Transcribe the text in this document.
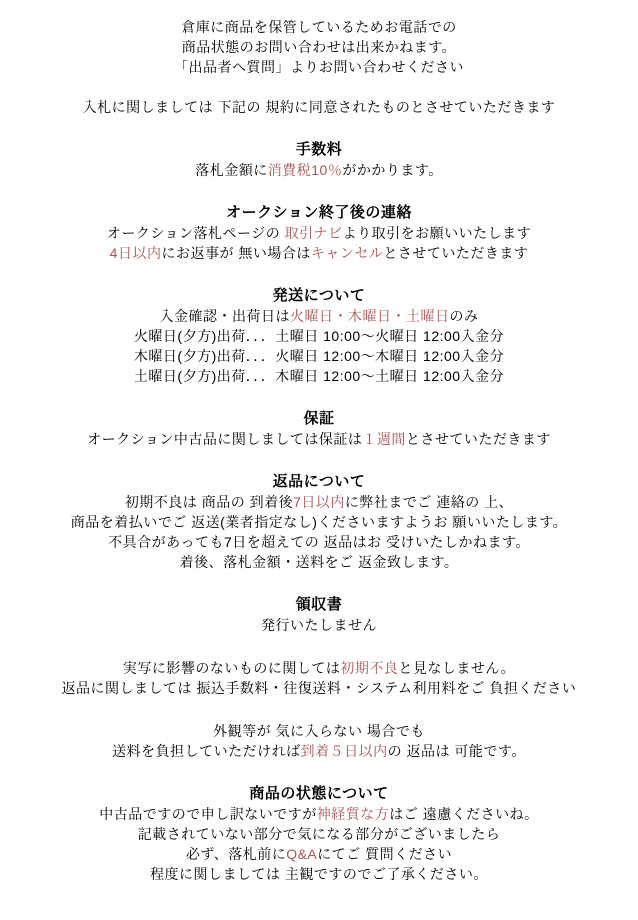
倉庫に商品を保管しているためお電話での
商品状態のお問い合わせは出来かねます。
「出品者へ質問」よりお問い合わせください
入札に関しましては 下記の 規約に同意されたものとさせていただきます
手数料
落札金額に消費税10％がかかります。
オークション終了後の連絡
オークション落札ページの 取引ナビより取引をお願いいたします
4日以内にお返事が 無い場合はキャンセルとさせていただきます
発送について
入金確認・出荷日は火曜日・木曜日・土曜日のみ
火曜日(夕方)出荷．．．土曜日 10:00～火曜日 12:00入金分
木曜日(夕方)出荷．．．火曜日 12:00～木曜日 12:00入金分
土曜日(夕方)出荷．．．木曜日 12:00～土曜日 12:00入金分
保証
オークション中古品に関しましては保証は１週間とさせていただきます
返品について
初期不良は 商品の 到着後7日以内に弊社までご 連絡の 上、
商品を着払いでご 返送(業者指定なし)くださいますようお 願いいたします。
不具合があっても7日を超えての 返品はお 受けいたしかねます。
着後、落札金額・送料をご 返金致します。
領収書
発行いたしません
実写に影響のないものに関しては初期不良と見なしません。
返品に関しましては 振込手数料・往復送料・システム利用料をご 負担ください
外観等が 気に入らない 場合でも
送料を負担していただければ到着５日以内の 返品は 可能です。
商品の状態について
中古品ですので申し訳ないですが神経質な方はご 遠慮くださいね。
記載されていない部分で気になる部分がございましたら
必ず、落札前にQ&Aにてご 質問ください
程度に関しましては 主観ですのでご了承ください。
